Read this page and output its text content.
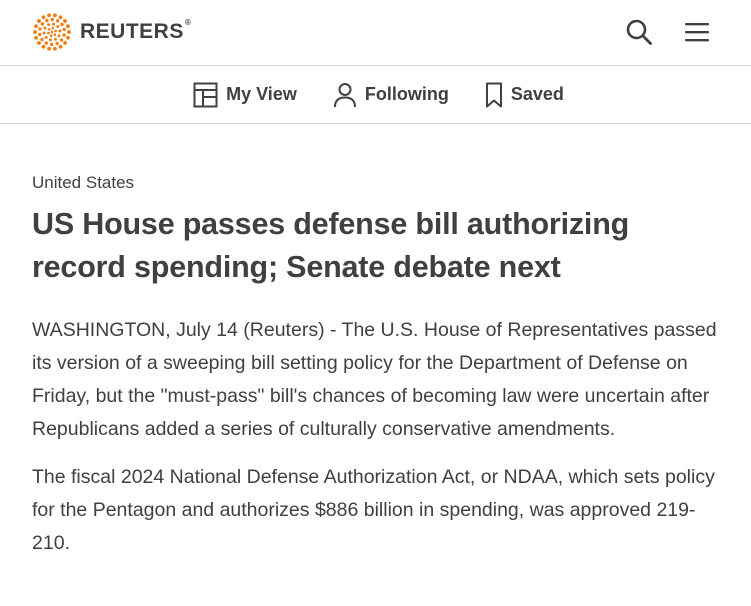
REUTERS®
My View	Following	Saved
United States
US House passes defense bill authorizing record spending; Senate debate next

WASHINGTON, July 14 (Reuters) - The U.S. House of Representatives passed its version of a sweeping bill setting policy for the Department of Defense on Friday, but the "must-pass" bill's chances of becoming law were uncertain after Republicans added a series of culturally conservative amendments.

The fiscal 2024 National Defense Authorization Act, or NDAA, which sets policy for the Pentagon and authorizes $886 billion in spending, was approved 219-210.
